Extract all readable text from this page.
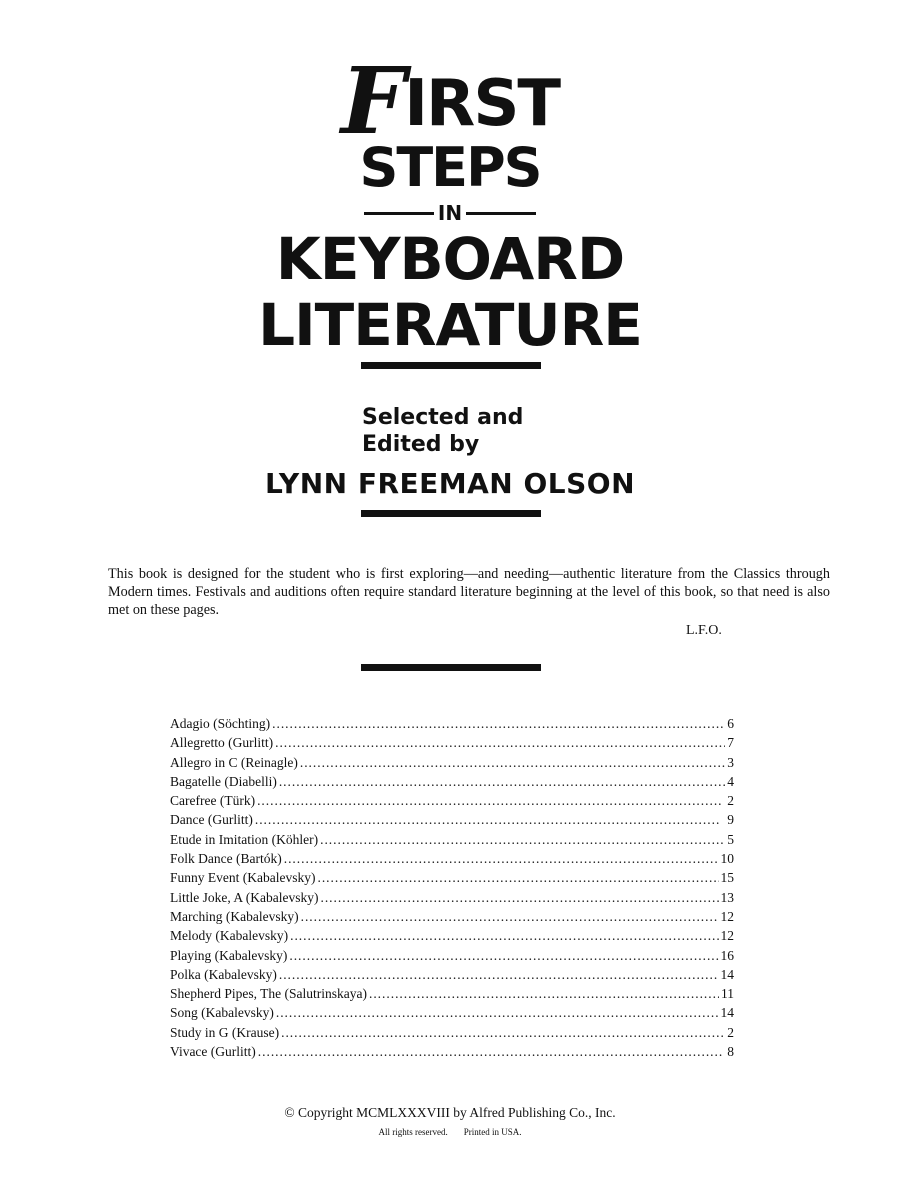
FIRST
STEPS
IN
KEYBOARD
LITERATURE
Selected and
Edited by
LYNN FREEMAN OLSON
This book is designed for the student who is first exploring—and needing—authentic literature from the Classics through Modern times. Festivals and auditions often require standard literature beginning at the level of this book, so that need is also met on these pages.
L.F.O.
Adagio (Söchting) . . .	6
Allegretto (Gurlitt) . . .	7
Allegro in C (Reinagle) . . .	3
Bagatelle (Diabelli) . . .	4
Carefree (Türk) . . .	2
Dance (Gurlitt) . . .	9
Etude in Imitation (Köhler) . . .	5
Folk Dance (Bartók) . . .	10
Funny Event (Kabalevsky) . . .	15
Little Joke, A (Kabalevsky) . . .	13
Marching (Kabalevsky) . . .	12
Melody (Kabalevsky) . . .	12
Playing (Kabalevsky) . . .	16
Polka (Kabalevsky) . . .	14
Shepherd Pipes, The (Salutrinskaya) . . .	11
Song (Kabalevsky) . . .	14
Study in G (Krause) . . .	2
Vivace (Gurlitt) . . .	8
© Copyright MCMLXXXVIII by Alfred Publishing Co., Inc.
All rights reserved. Printed in USA.
